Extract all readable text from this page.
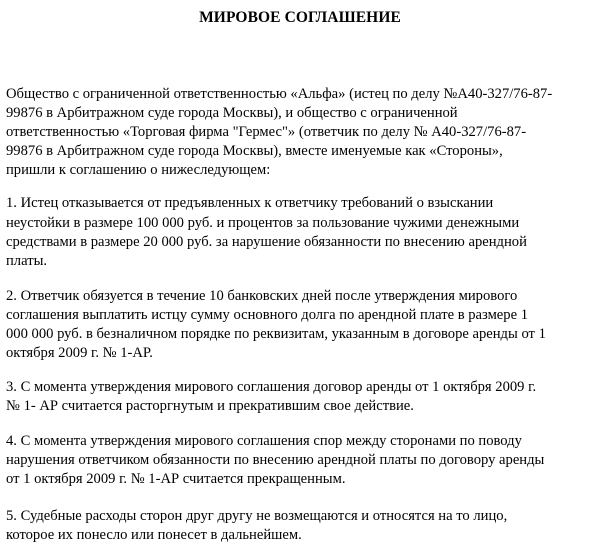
МИРОВОЕ СОГЛАШЕНИЕ
Общество с ограниченной ответственностью «Альфа» (истец по делу №А40-327/76-87-
99876 в Арбитражном суде города Москвы), и общество с ограниченной
ответственностью «Торговая фирма "Гермес"» (ответчик по делу № А40-327/76-87-
99876 в Арбитражном суде города Москвы), вместе именуемые как «Стороны»,
пришли к соглашению о нижеследующем:
1. Истец отказывается от предъявленных к ответчику требований о взыскании
неустойки в размере 100 000 руб. и процентов за пользование чужими денежными
средствами в размере 20 000 руб. за нарушение обязанности по внесению арендной
платы.
2. Ответчик обязуется в течение 10 банковских дней после утверждения мирового
соглашения выплатить истцу сумму основного долга по арендной плате в размере 1
000 000 руб. в безналичном порядке по реквизитам, указанным в договоре аренды от 1
октября 2009 г. № 1-АР.
3. С момента утверждения мирового соглашения договор аренды от 1 октября 2009 г.
№ 1- АР считается расторгнутым и прекратившим свое действие.
4. С момента утверждения мирового соглашения спор между сторонами по поводу
нарушения ответчиком обязанности по внесению арендной платы по договору аренды
от 1 октября 2009 г. № 1-АР считается прекращенным.
5. Судебные расходы сторон друг другу не возмещаются и относятся на то лицо,
которое их понесло или понесет в дальнейшем.
